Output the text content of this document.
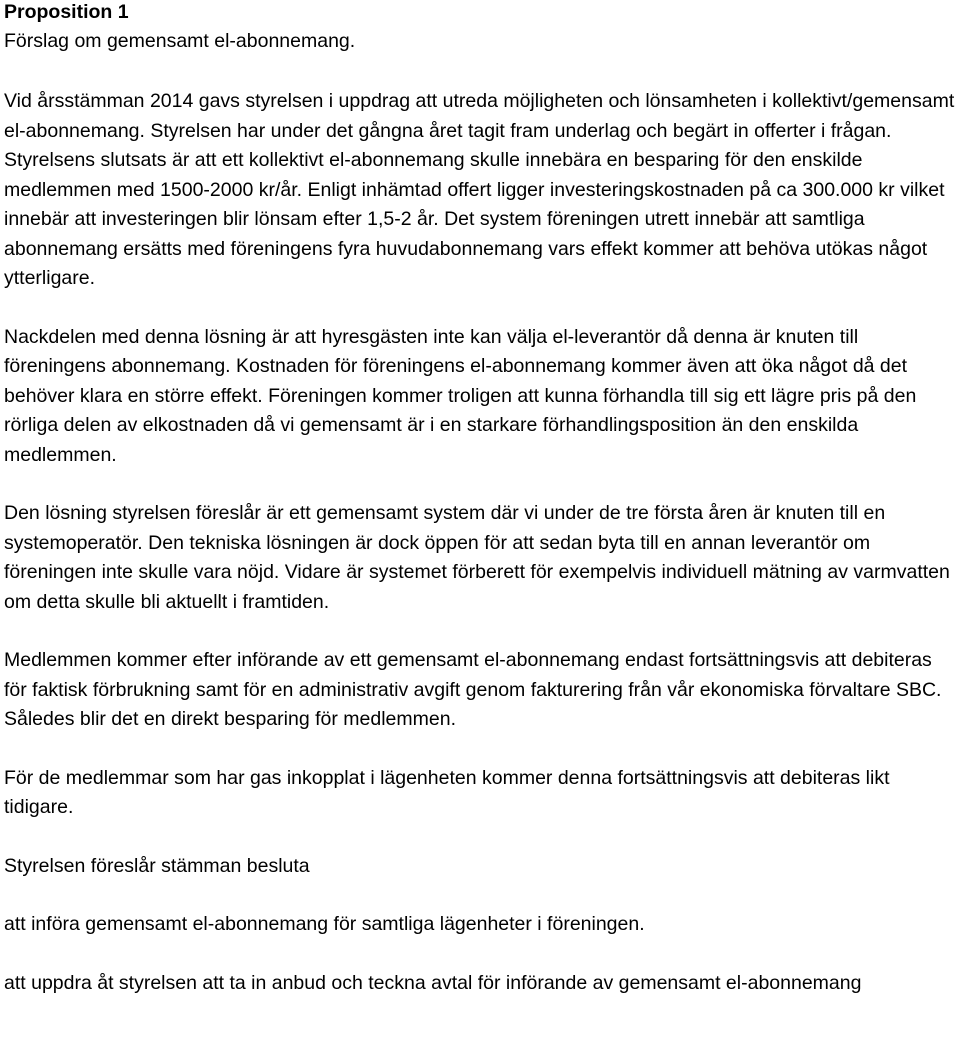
Proposition 1
Förslag om gemensamt el-abonnemang.

Vid årsstämman 2014 gavs styrelsen i uppdrag att utreda möjligheten och lönsamheten i kollektivt/gemensamt el-abonnemang. Styrelsen har under det gångna året tagit fram underlag och begärt in offerter i frågan. Styrelsens slutsats är att ett kollektivt el-abonnemang skulle innebära en besparing för den enskilde medlemmen med 1500-2000 kr/år. Enligt inhämtad offert ligger investeringskostnaden på ca 300.000 kr vilket innebär att investeringen blir lönsam efter 1,5-2 år. Det system föreningen utrett innebär att samtliga abonnemang ersätts med föreningens fyra huvudabonnemang vars effekt kommer att behöva utökas något ytterligare.

Nackdelen med denna lösning är att hyresgästen inte kan välja el-leverantör då denna är knuten till föreningens abonnemang. Kostnaden för föreningens el-abonnemang kommer även att öka något då det behöver klara en större effekt. Föreningen kommer troligen att kunna förhandla till sig ett lägre pris på den rörliga delen av elkostnaden då vi gemensamt är i en starkare förhandlingsposition än den enskilda medlemmen.

Den lösning styrelsen föreslår är ett gemensamt system där vi under de tre första åren är knuten till en systemoperatör. Den tekniska lösningen är dock öppen för att sedan byta till en annan leverantör om föreningen inte skulle vara nöjd. Vidare är systemet förberett för exempelvis individuell mätning av varmvatten om detta skulle bli aktuellt i framtiden.

Medlemmen kommer efter införande av ett gemensamt el-abonnemang endast fortsättningsvis att debiteras för faktisk förbrukning samt för en administrativ avgift genom fakturering från vår ekonomiska förvaltare SBC. Således blir det en direkt besparing för medlemmen.

För de medlemmar som har gas inkopplat i lägenheten kommer denna fortsättningsvis att debiteras likt tidigare.

Styrelsen föreslår stämman besluta

att införa gemensamt el-abonnemang för samtliga lägenheter i föreningen.

att uppdra åt styrelsen att ta in anbud och teckna avtal för införande av gemensamt el-abonnemang
